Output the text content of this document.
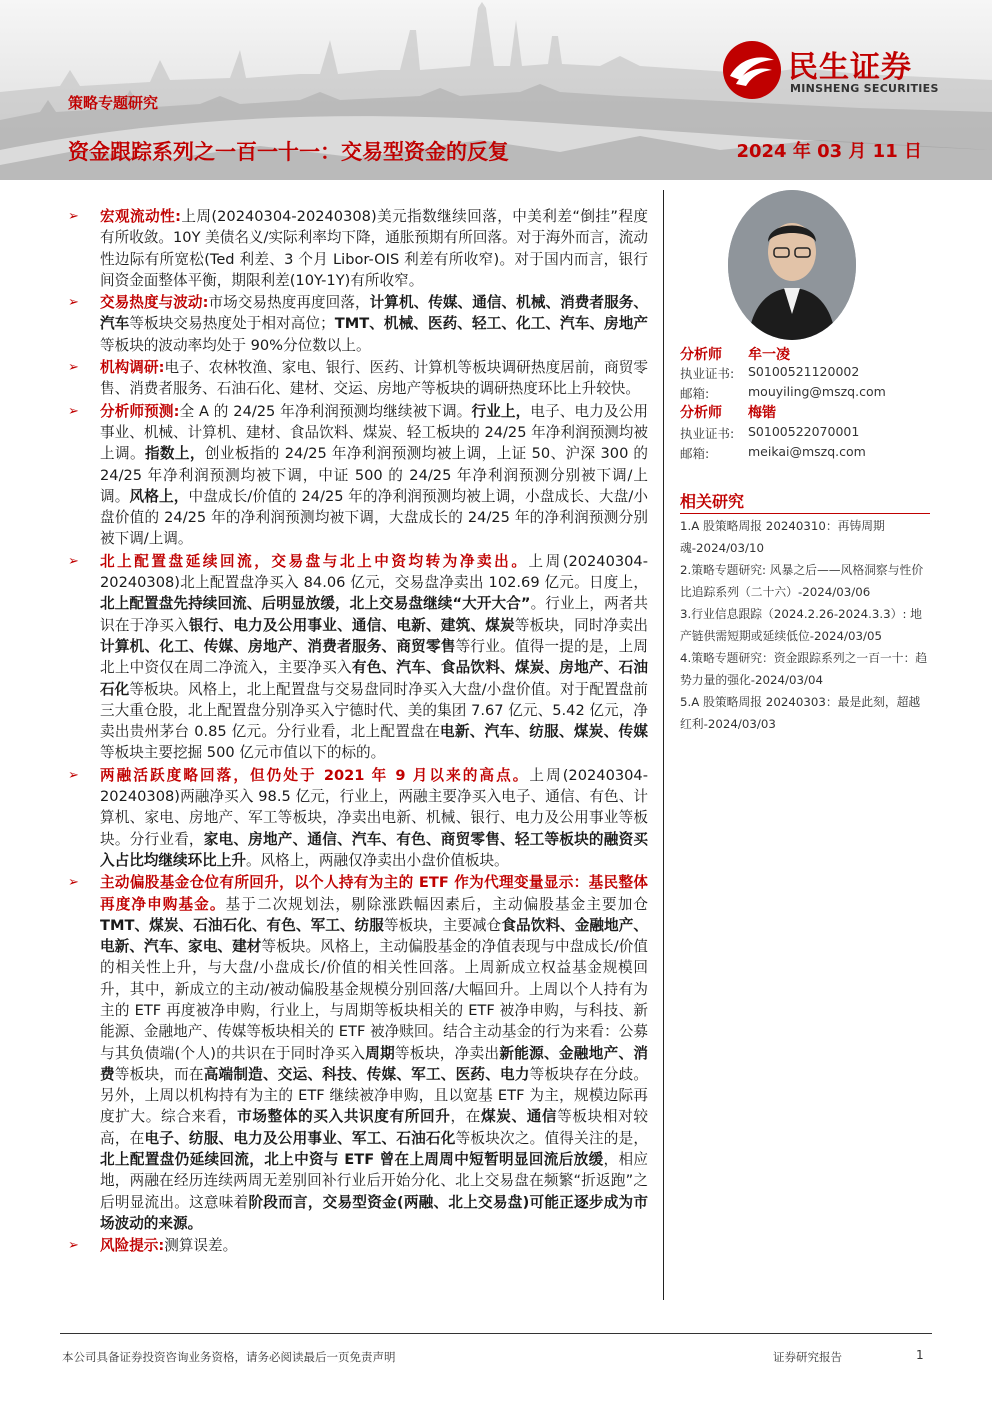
策略专题研究
资金跟踪系列之一百一十一：交易型资金的反复	2024 年 03 月 11 日
民生证券
MINSHENG SECURITIES
➢ 宏观流动性:上周(20240304-20240308)美元指数继续回落，中美利差“倒挂”程度有所收敛。10Y 美债名义/实际利率均下降，通胀预期有所回落。对于海外而言，流动性边际有所宽松(Ted 利差、3 个月 Libor-OIS 利差有所收窄)。对于国内而言，银行间资金面整体平衡，期限利差(10Y-1Y)有所收窄。
➢ 交易热度与波动:市场交易热度再度回落，计算机、传媒、通信、机械、消费者服务、汽车等板块交易热度处于相对高位；TMT、机械、医药、轻工、化工、汽车、房地产等板块的波动率均处于 90%分位数以上。
➢ 机构调研:电子、农林牧渔、家电、银行、医药、计算机等板块调研热度居前，商贸零售、消费者服务、石油石化、建材、交运、房地产等板块的调研热度环比上升较快。
➢ 分析师预测:全 A 的 24/25 年净利润预测均继续被下调。行业上，电子、电力及公用事业、机械、计算机、建材、食品饮料、煤炭、轻工板块的 24/25 年净利润预测均被上调。指数上，创业板指的 24/25 年净利润预测均被上调，上证 50、沪深 300 的 24/25 年净利润预测均被下调，中证 500 的 24/25 年净利润预测分别被下调/上调。风格上，中盘成长/价值的 24/25 年的净利润预测均被上调，小盘成长、大盘/小盘价值的 24/25 年的净利润预测均被下调，大盘成长的 24/25 年的净利润预测分别被下调/上调。
➢ 北上配置盘延续回流，交易盘与北上中资均转为净卖出。上周(20240304-20240308)北上配置盘净买入 84.06 亿元，交易盘净卖出 102.69 亿元。日度上，北上配置盘先持续回流、后明显放缓，北上交易盘继续“大开大合”。行业上，两者共识在于净买入银行、电力及公用事业、通信、电新、建筑、煤炭等板块，同时净卖出计算机、化工、传媒、房地产、消费者服务、商贸零售等行业。值得一提的是，上周北上中资仅在周二净流入，主要净买入有色、汽车、食品饮料、煤炭、房地产、石油石化等板块。风格上，北上配置盘与交易盘同时净买入大盘/小盘价值。对于配置盘前三大重仓股，北上配置盘分别净买入宁德时代、美的集团 7.67 亿元、5.42 亿元，净卖出贵州茅台 0.85 亿元。分行业看，北上配置盘在电新、汽车、纺服、煤炭、传媒等板块主要挖掘 500 亿元市值以下的标的。
➢ 两融活跃度略回落，但仍处于 2021 年 9 月以来的高点。上周(20240304-20240308)两融净买入 98.5 亿元，行业上，两融主要净买入电子、通信、有色、计算机、家电、房地产、军工等板块，净卖出电新、机械、银行、电力及公用事业等板块。分行业看，家电、房地产、通信、汽车、有色、商贸零售、轻工等板块的融资买入占比均继续环比上升。风格上，两融仅净卖出小盘价值板块。
➢ 主动偏股基金仓位有所回升，以个人持有为主的 ETF 作为代理变量显示：基民整体再度净申购基金。基于二次规划法，剔除涨跌幅因素后，主动偏股基金主要加仓 TMT、煤炭、石油石化、有色、军工、纺服等板块，主要减仓食品饮料、金融地产、电新、汽车、家电、建材等板块。风格上，主动偏股基金的净值表现与中盘成长/价值的相关性上升，与大盘/小盘成长/价值的相关性回落。上周新成立权益基金规模回升，其中，新成立的主动/被动偏股基金规模分别回落/大幅回升。上周以个人持有为主的 ETF 再度被净申购，行业上，与周期等板块相关的 ETF 被净申购，与科技、新能源、金融地产、传媒等板块相关的 ETF 被净赎回。结合主动基金的行为来看：公募与其负债端(个人)的共识在于同时净买入周期等板块，净卖出新能源、金融地产、消费等板块，而在高端制造、交运、科技、传媒、军工、医药、电力等板块存在分歧。另外，上周以机构持有为主的 ETF 继续被净申购，且以宽基 ETF 为主，规模边际再度扩大。综合来看，市场整体的买入共识度有所回升，在煤炭、通信等板块相对较高，在电子、纺服、电力及公用事业、军工、石油石化等板块次之。值得关注的是，北上配置盘仍延续回流，北上中资与 ETF 曾在上周周中短暂明显回流后放缓，相应地，两融在经历连续两周无差别回补行业后开始分化、北上交易盘在频繁“折返跑”之后明显流出。这意味着阶段而言，交易型资金(两融、北上交易盘)可能正逐步成为市场波动的来源。
➢ 风险提示:测算误差。
分析师 牟一凌
执业证书: S0100521120002
邮箱:	mouyiling@mszq.com
分析师 梅锴
执业证书: S0100522070001
邮箱:	meikai@mszq.com
相关研究
1.A 股策略周报 20240310：再铸周期魂-2024/03/10
2.策略专题研究: 风暴之后——风格洞察与性价比追踪系列（二十六）-2024/03/06
3.行业信息跟踪（2024.2.26-2024.3.3）: 地产链供需短期或延续低位-2024/03/05
4.策略专题研究：资金跟踪系列之一百一十：趋势力量的强化-2024/03/04
5.A 股策略周报 20240303：最是此刻，超越红利-2024/03/03
本公司具备证券投资咨询业务资格，请务必阅读最后一页免责声明	证券研究报告	1
